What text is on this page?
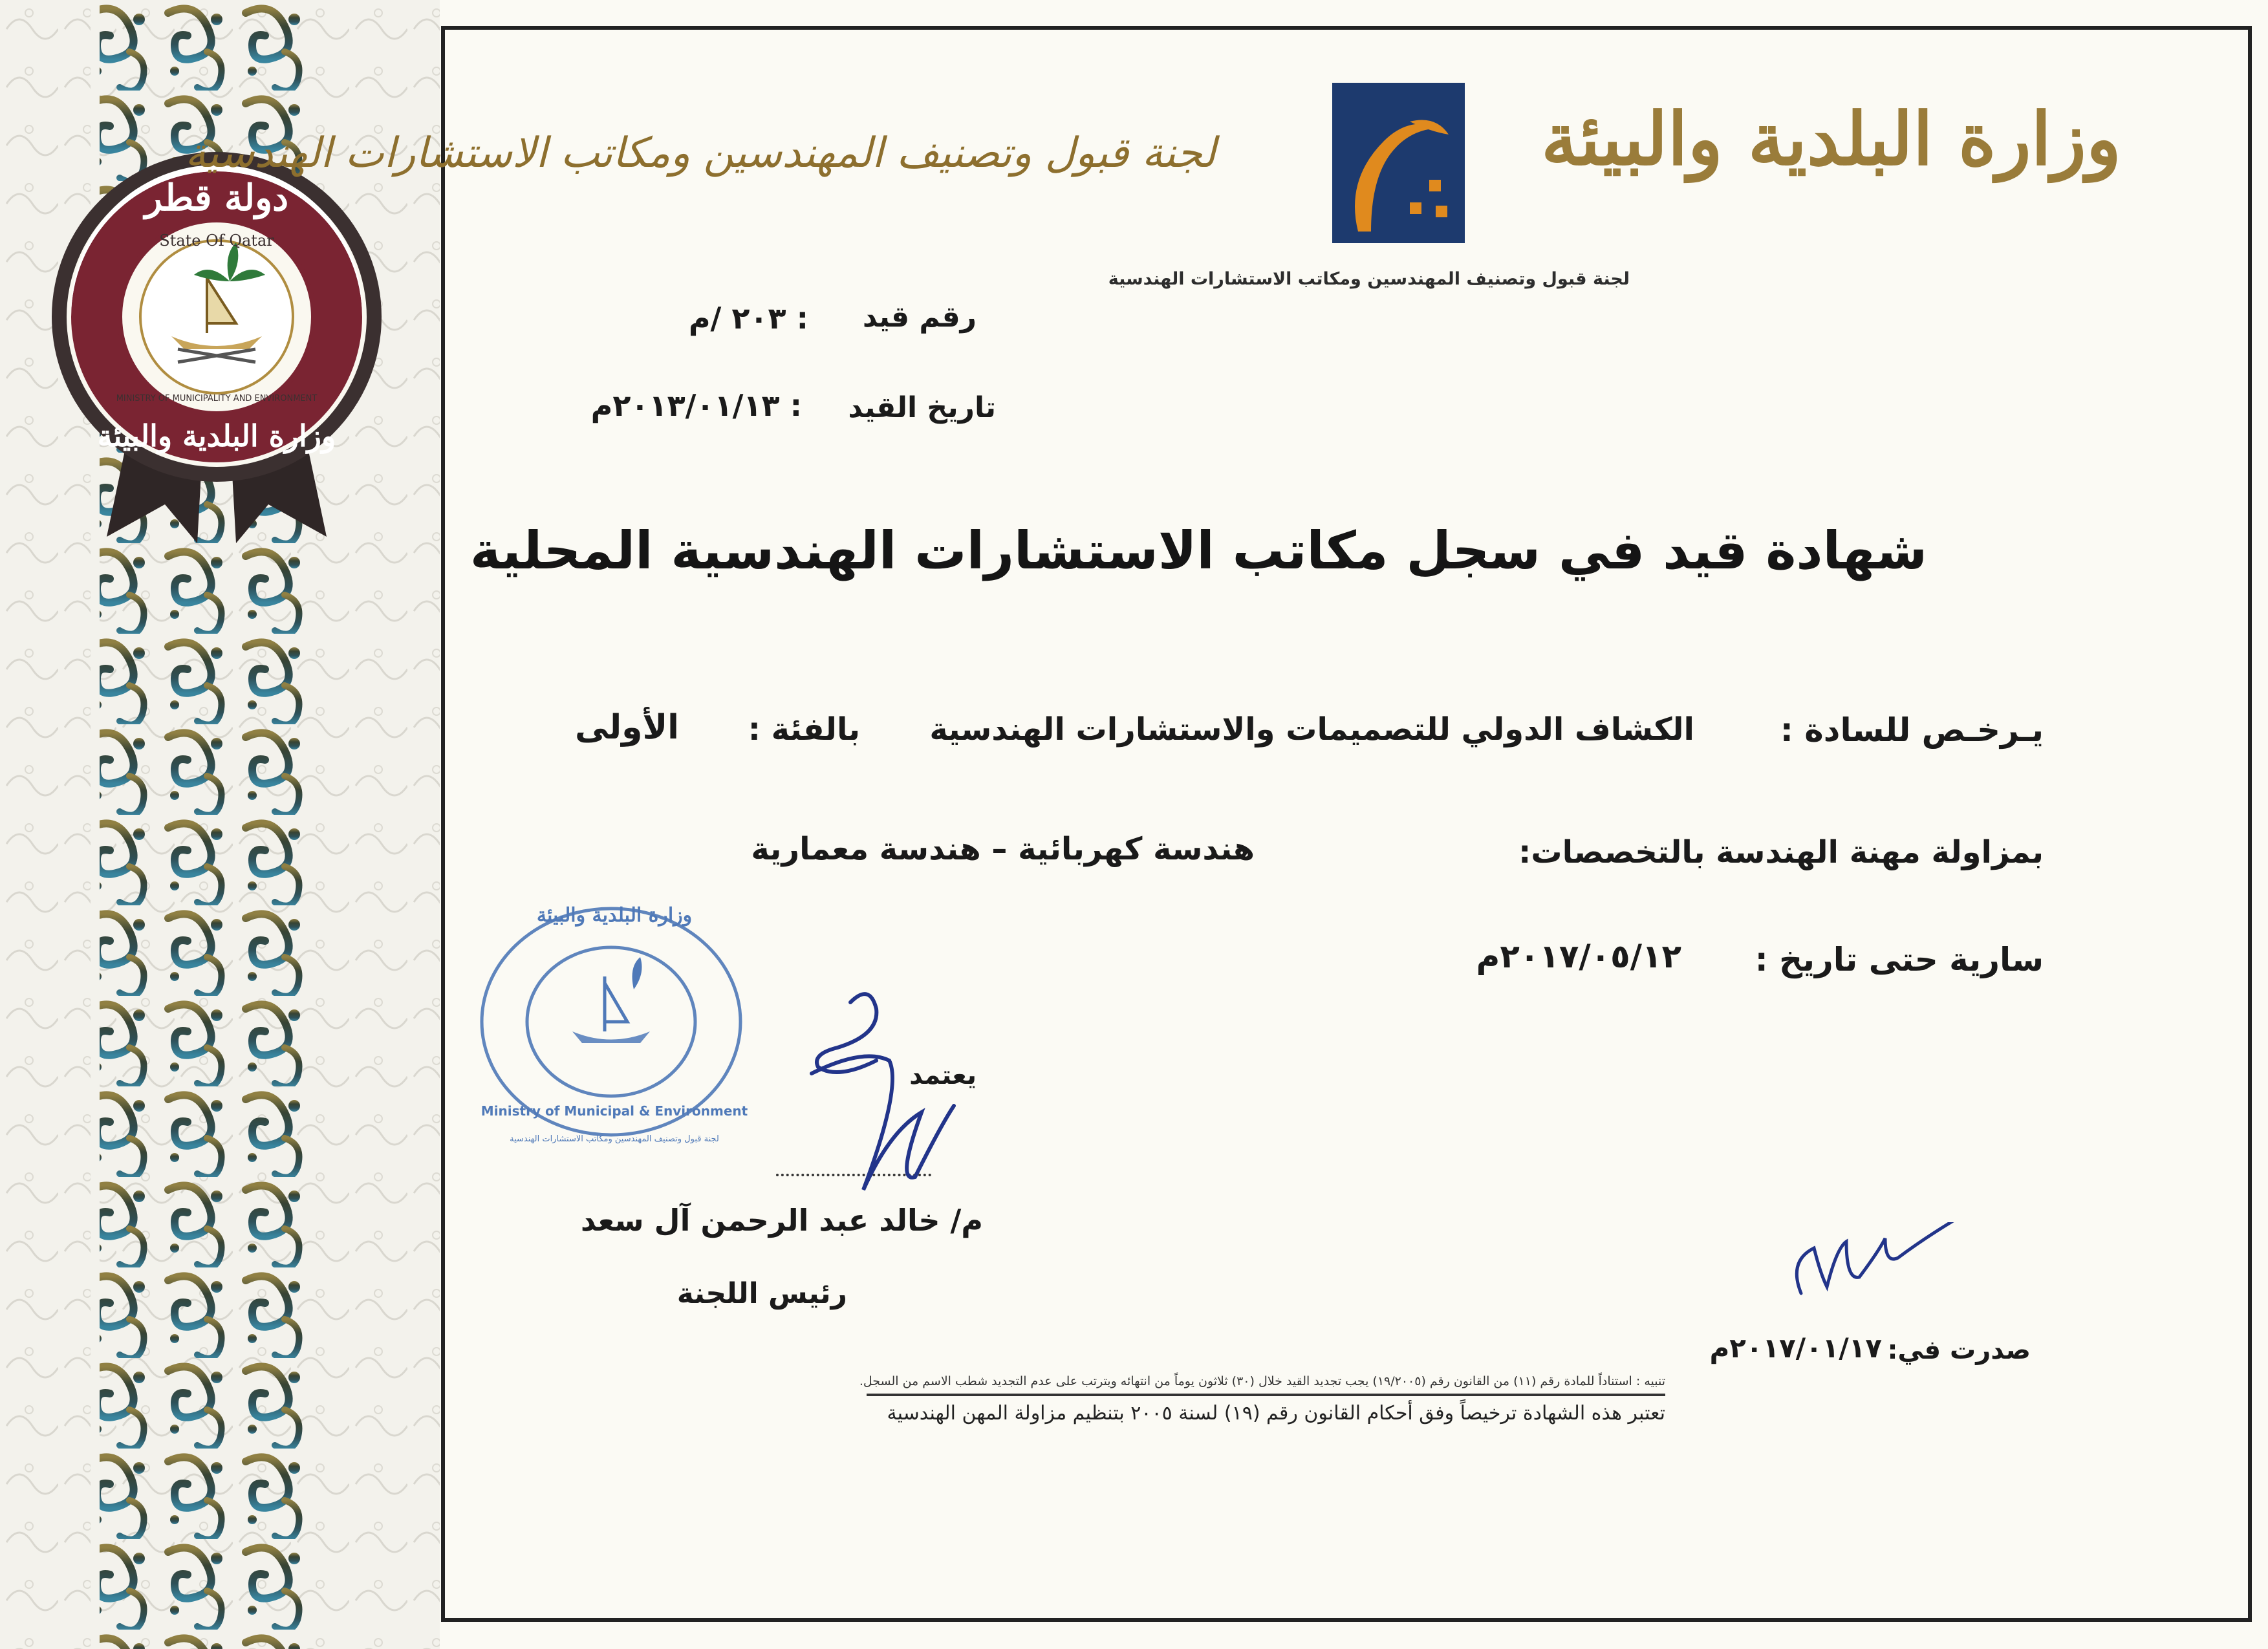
دولة قطر
State Of Qatar
MINISTRY OF MUNICIPALITY AND ENVIRONMENT
وزارة البلدية والبيئة
وزارة البلدية والبيئة
لجنة قبول وتصنيف المهندسين ومكاتب الاستشارات الهندسية
لجنة قبول وتصنيف المهندسين ومكاتب الاستشارات الهندسية
رقم قيد
: ٢٠٣ /م
تاريخ القيد
: ٢٠١٣/٠١/١٣م
شهادة قيد في سجل مكاتب الاستشارات الهندسية المحلية
يـرخـص للسادة :
الكشاف الدولي للتصميمات والاستشارات الهندسية
بالفئة :
الأولى
بمزاولة مهنة الهندسة بالتخصصات:
هندسة كهربائية – هندسة معمارية
سارية حتى تاريخ :
٢٠١٧/٠٥/١٢م
وزارة البلدية والبيئة
Ministry of Municipal & Environment
لجنة قبول وتصنيف المهندسين ومكاتب الاستشارات الهندسية
يعتمد
م/ خالد عبد الرحمن آل سعد
رئيس اللجنة
صدرت في:
٢٠١٧/٠١/١٧م
تنبيه : استناداً للمادة رقم (١١) من القانون رقم (١٩/٢٠٠٥) يجب تجديد القيد خلال (٣٠) ثلاثون يوماً من انتهائه ويترتب على عدم التجديد شطب الاسم من السجل.
تعتبر هذه الشهادة ترخيصاً وفق أحكام القانون رقم (١٩) لسنة ٢٠٠٥ بتنظيم مزاولة المهن الهندسية
